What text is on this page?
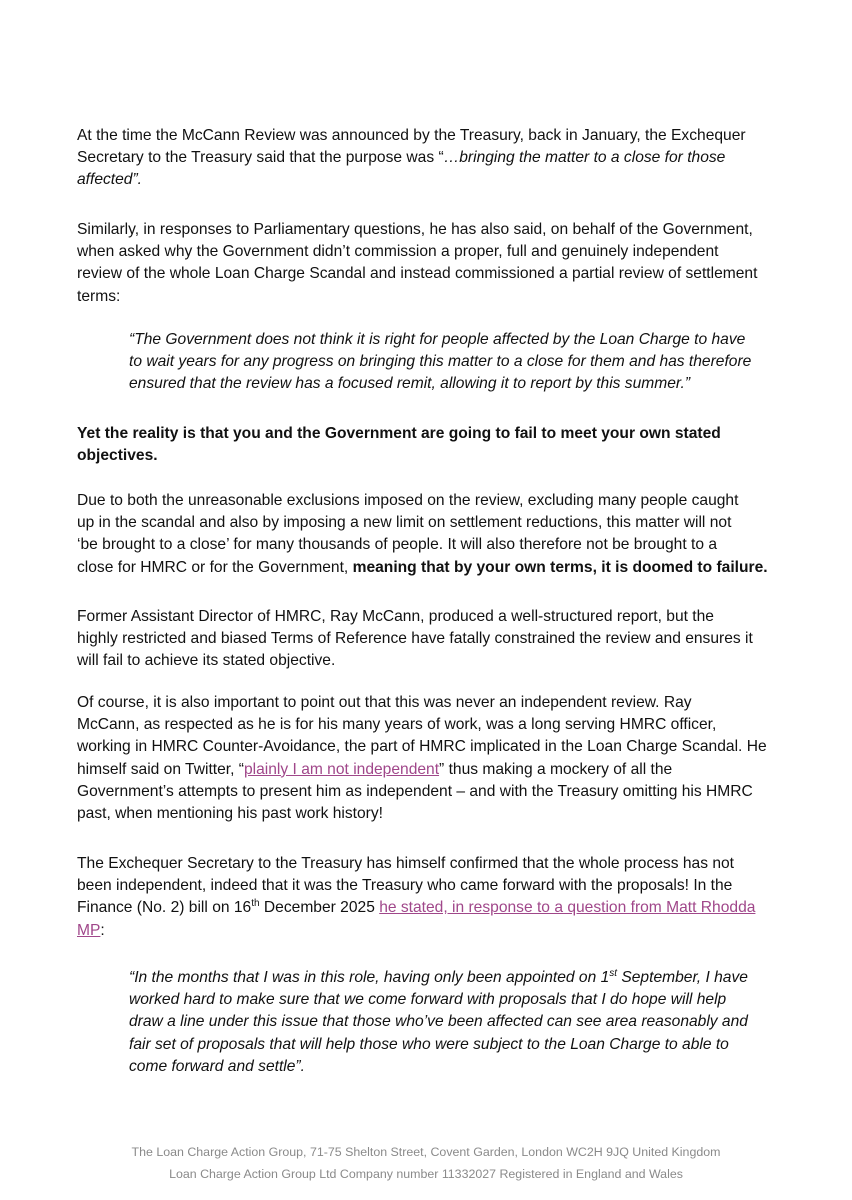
At the time the McCann Review was announced by the Treasury, back in January, the Exchequer
Secretary to the Treasury said that the purpose was “…bringing the matter to a close for those
affected”.
Similarly, in responses to Parliamentary questions, he has also said, on behalf of the Government,
when asked why the Government didn’t commission a proper, full and genuinely independent
review of the whole Loan Charge Scandal and instead commissioned a partial review of settlement
terms:
“The Government does not think it is right for people affected by the Loan Charge to have
to wait years for any progress on bringing this matter to a close for them and has therefore
ensured that the review has a focused remit, allowing it to report by this summer.”
Yet the reality is that you and the Government are going to fail to meet your own stated
objectives.
Due to both the unreasonable exclusions imposed on the review, excluding many people caught
up in the scandal and also by imposing a new limit on settlement reductions, this matter will not
‘be brought to a close’ for many thousands of people. It will also therefore not be brought to a
close for HMRC or for the Government, meaning that by your own terms, it is doomed to failure.
Former Assistant Director of HMRC, Ray McCann, produced a well-structured report, but the
highly restricted and biased Terms of Reference have fatally constrained the review and ensures it
will fail to achieve its stated objective.
Of course, it is also important to point out that this was never an independent review. Ray
McCann, as respected as he is for his many years of work, was a long serving HMRC officer,
working in HMRC Counter-Avoidance, the part of HMRC implicated in the Loan Charge Scandal. He
himself said on Twitter, “plainly I am not independent” thus making a mockery of all the
Government’s attempts to present him as independent – and with the Treasury omitting his HMRC
past, when mentioning his past work history!
The Exchequer Secretary to the Treasury has himself confirmed that the whole process has not
been independent, indeed that it was the Treasury who came forward with the proposals! In the
Finance (No. 2) bill on 16th December 2025 he stated, in response to a question from Matt Rhodda
MP:
“In the months that I was in this role, having only been appointed on 1st September, I have
worked hard to make sure that we come forward with proposals that I do hope will help
draw a line under this issue that those who’ve been affected can see area reasonably and
fair set of proposals that will help those who were subject to the Loan Charge to able to
come forward and settle”.
The Loan Charge Action Group, 71-75 Shelton Street, Covent Garden, London WC2H 9JQ United Kingdom
Loan Charge Action Group Ltd Company number 11332027 Registered in England and Wales
